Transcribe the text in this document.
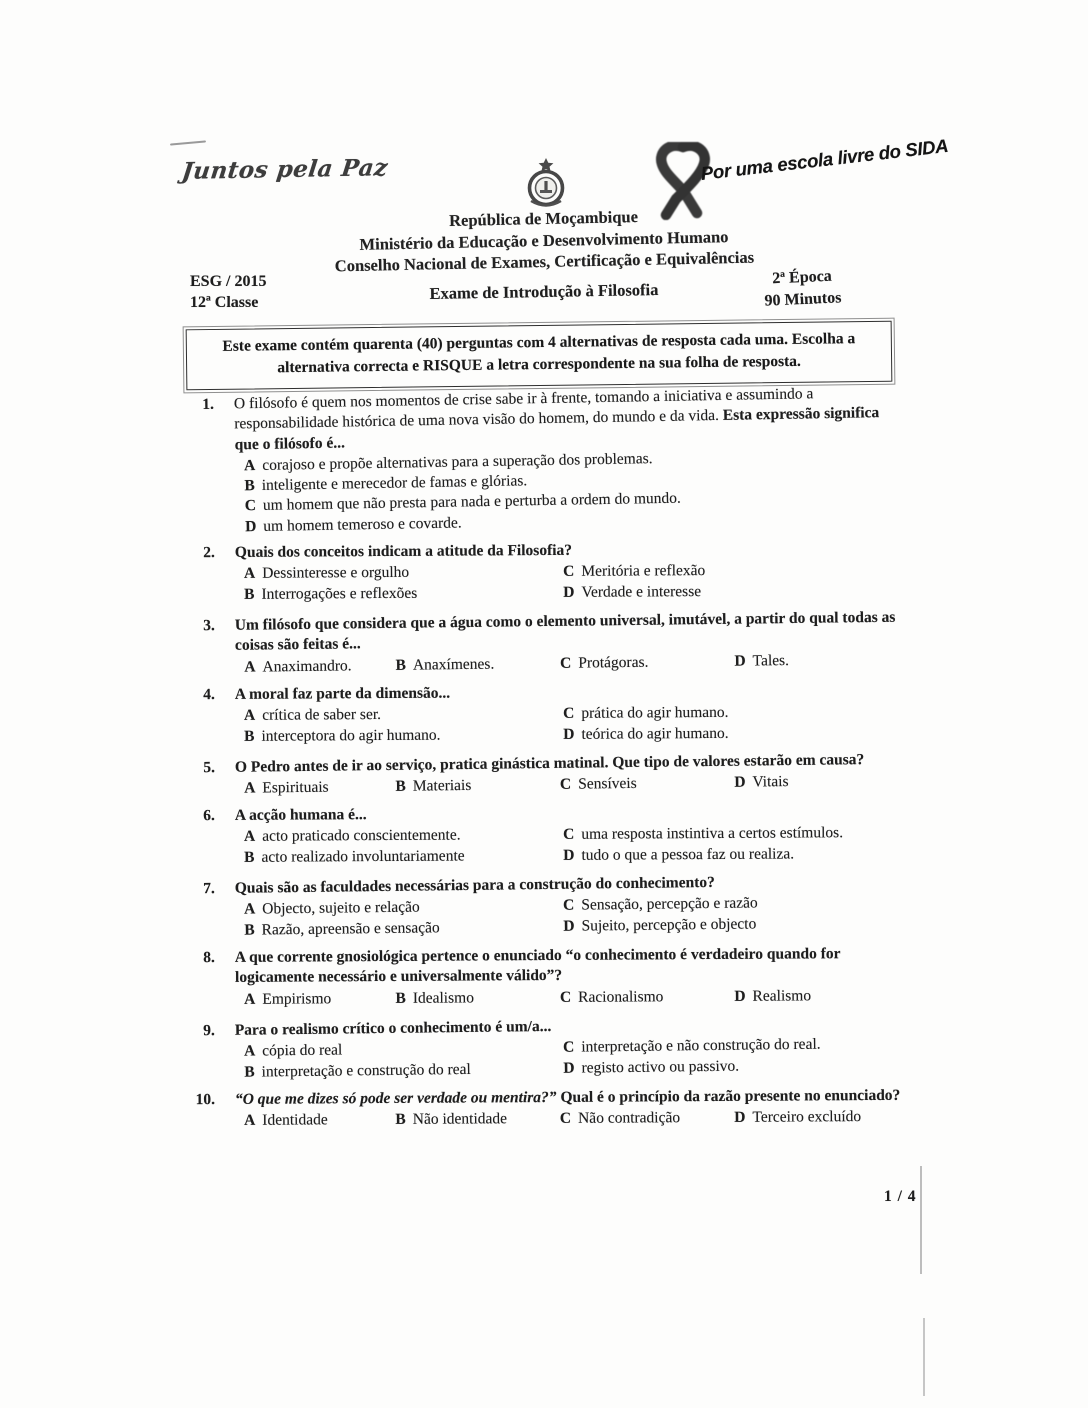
Juntos pela Paz	Por uma escola livre do SIDA
República de Moçambique
Ministério da Educação e Desenvolvimento Humano
Conselho Nacional de Exames, Certificação e Equivalências
ESG / 2015
12ª Classe	Exame de Introdução à Filosofia
2ª Época
90 Minutos
Este exame contém quarenta (40) perguntas com 4 alternativas de resposta cada uma. Escolha a alternativa correcta e RISQUE a letra correspondente na sua folha de resposta.
1.	O filósofo é quem nos momentos de crise sabe ir à frente, tomando a iniciativa e assumindo a responsabilidade histórica de uma nova visão do homem, do mundo e da vida. Esta expressão significa que o filósofo é...
A corajoso e propõe alternativas para a superação dos problemas.
B inteligente e merecedor de famas e glórias.
C um homem que não presta para nada e perturba a ordem do mundo.
D um homem temeroso e covarde.
2.	Quais dos conceitos indicam a atitude da Filosofia?
A Dessinteresse e orgulho	C Meritória e reflexão
B Interrogações e reflexões	D Verdade e interesse
3.	Um filósofo que considera que a água como o elemento universal, imutável, a partir do qual todas as coisas são feitas é...
A Anaximandro.	B Anaxímenes.	C Protágoras.	D Tales.
4.	A moral faz parte da dimensão...
A crítica de saber ser.	C prática do agir humano.
B interceptora do agir humano.	D teórica do agir humano.
5.	O Pedro antes de ir ao serviço, pratica ginástica matinal. Que tipo de valores estarão em causa?
A Espirituais	B Materiais	C Sensíveis	D Vitais
6.	A acção humana é...
A acto praticado conscientemente.	C uma resposta instintiva a certos estímulos.
B acto realizado involuntariamente	D tudo o que a pessoa faz ou realiza.
7.	Quais são as faculdades necessárias para a construção do conhecimento?
A Objecto, sujeito e relação	C Sensação, percepção e razão
B Razão, apreensão e sensação	D Sujeito, percepção e objecto
8.	A que corrente gnosiológica pertence o enunciado “o conhecimento é verdadeiro quando for logicamente necessário e universalmente válido”?
A Empirismo	B Idealismo	C Racionalismo	D Realismo
9.	Para o realismo crítico o conhecimento é um/a...
A cópia do real	C interpretação e não construção do real.
B interpretação e construção do real	D registo activo ou passivo.
10.	“O que me dizes só pode ser verdade ou mentira?” Qual é o princípio da razão presente no enunciado?
A Identidade	B Não identidade	C Não contradição	D Terceiro excluído
1 / 4
